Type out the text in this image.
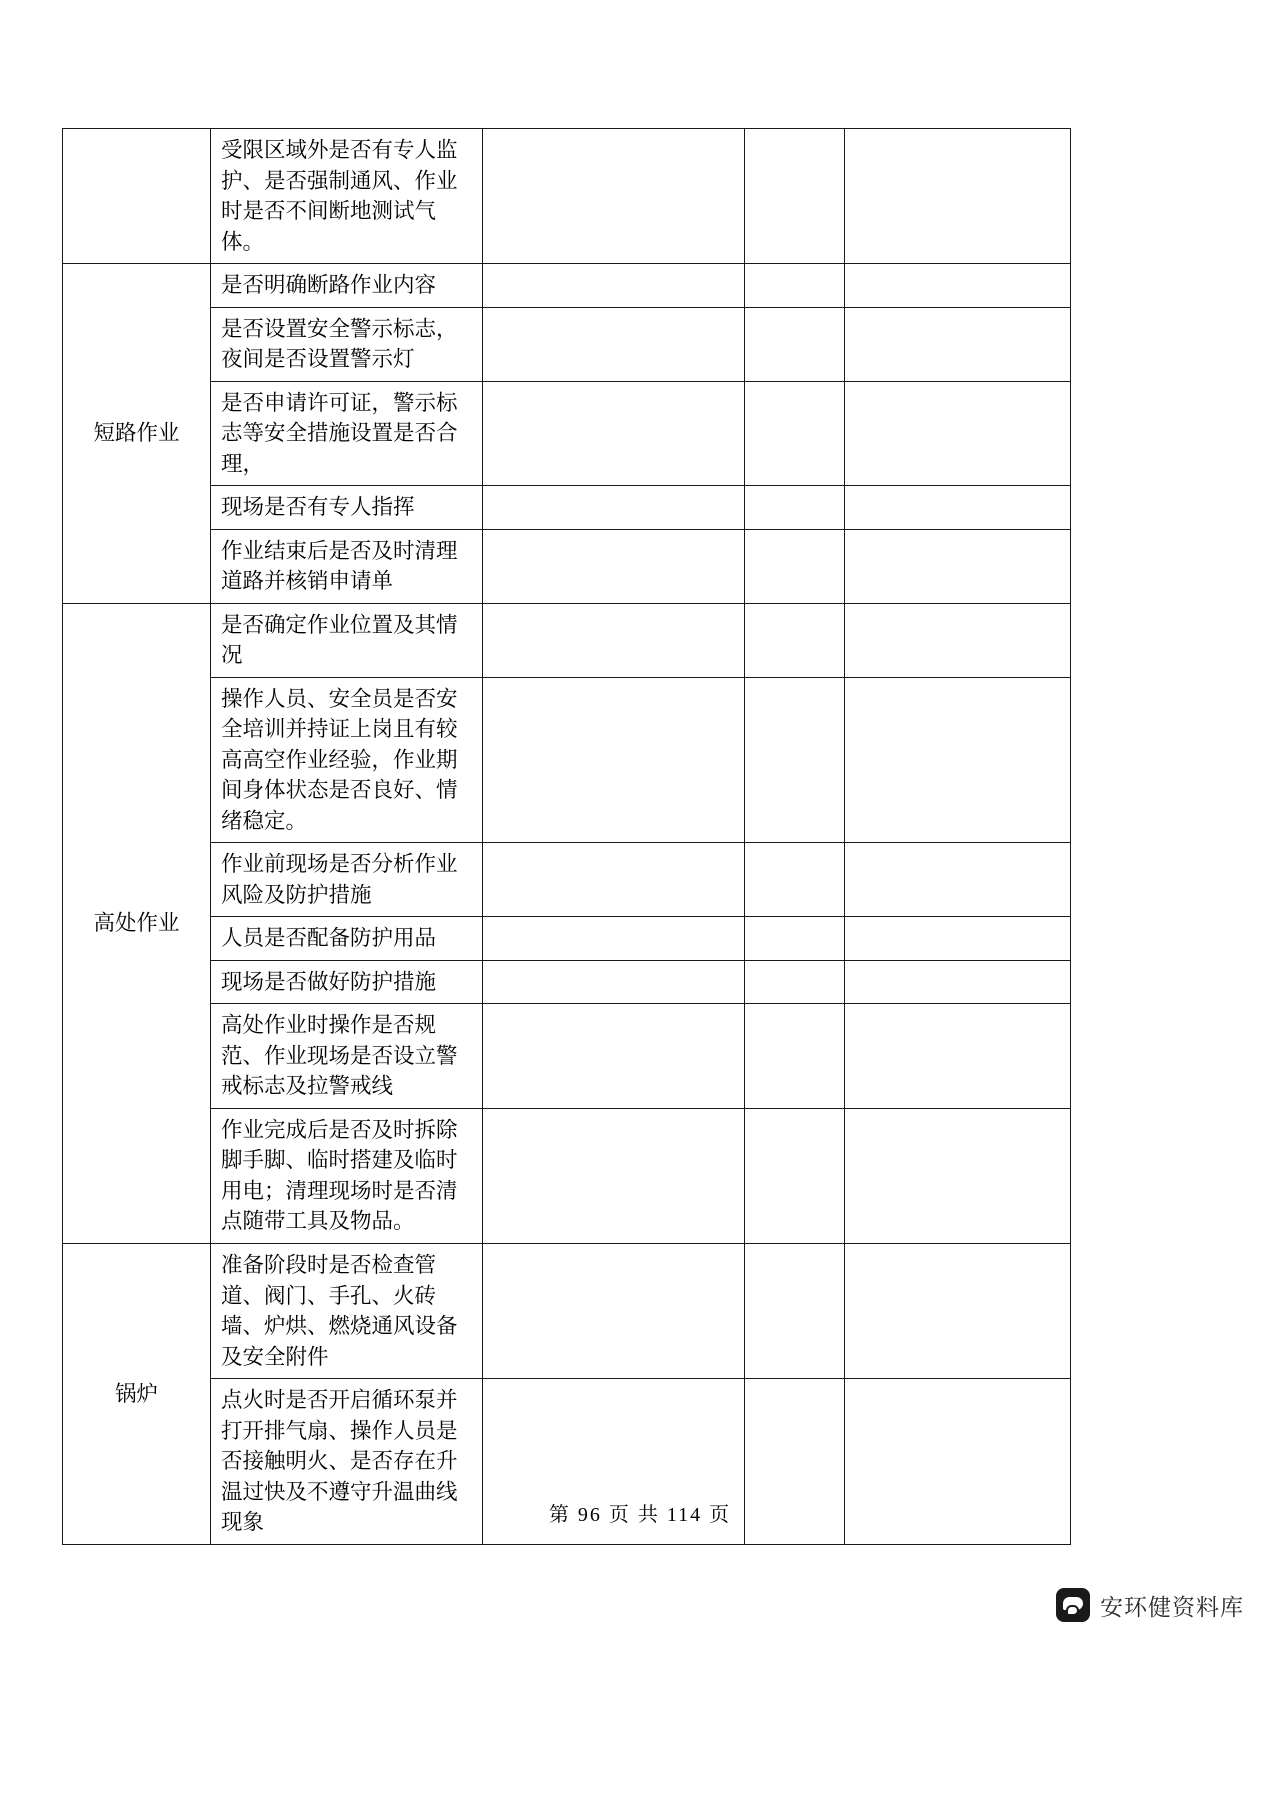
	受限区域外是否有专人监护、是否强制通风、作业时是否不间断地测试气体。			
短路作业	是否明确断路作业内容			
	是否设置安全警示标志，夜间是否设置警示灯			
	是否申请许可证，警示标志等安全措施设置是否合理，			
	现场是否有专人指挥			
	作业结束后是否及时清理道路并核销申请单			
高处作业	是否确定作业位置及其情况			
	操作人员、安全员是否安全培训并持证上岗且有较高高空作业经验，作业期间身体状态是否良好、情绪稳定。			
	作业前现场是否分析作业风险及防护措施			
	人员是否配备防护用品			
	现场是否做好防护措施			
	高处作业时操作是否规范、作业现场是否设立警戒标志及拉警戒线			
	作业完成后是否及时拆除脚手脚、临时搭建及临时用电；清理现场时是否清点随带工具及物品。			
锅炉	准备阶段时是否检查管道、阀门、手孔、火砖墙、炉烘、燃烧通风设备及安全附件			
	点火时是否开启循环泵并打开排气扇、操作人员是否接触明火、是否存在升温过快及不遵守升温曲线现象				第 96 页 共 114 页
安环健资料库
